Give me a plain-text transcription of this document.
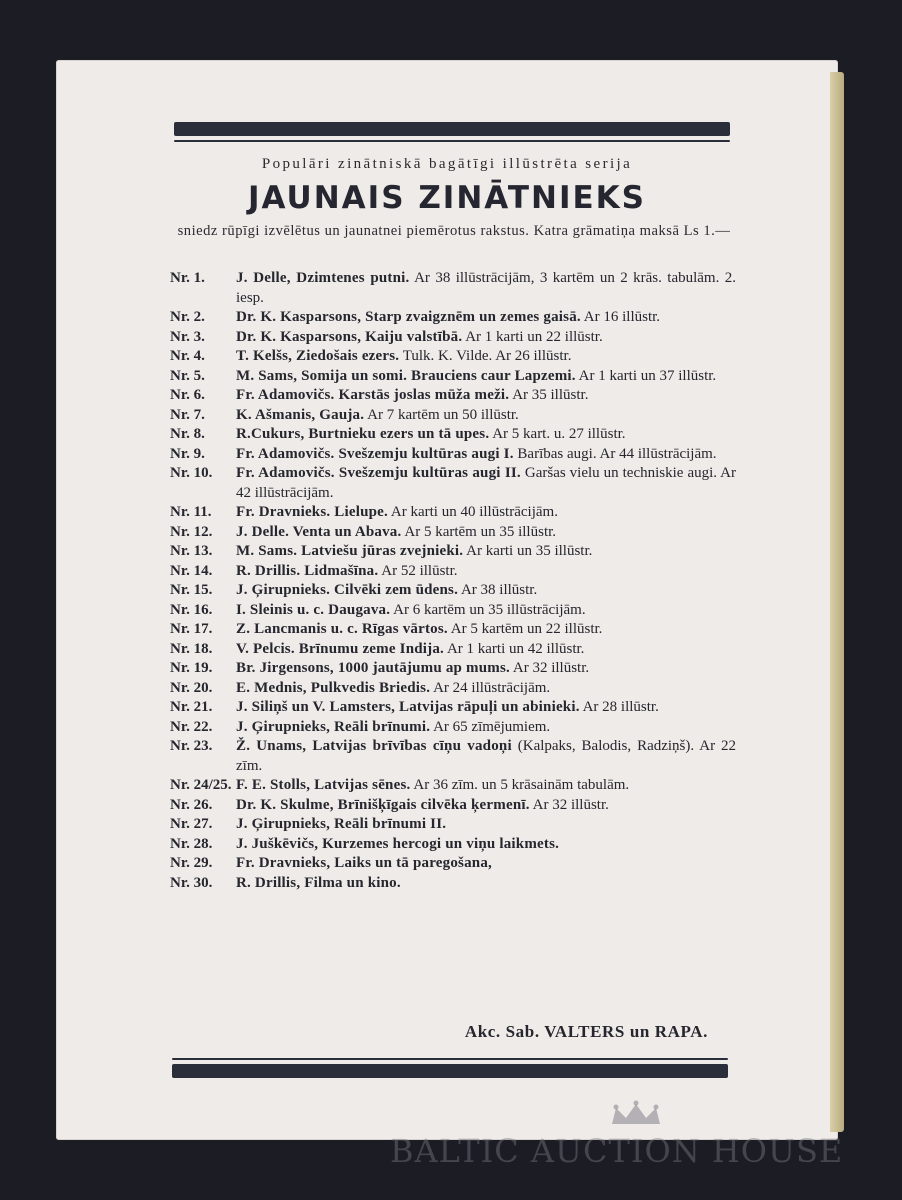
Populāri zinātniskā bagātīgi illūstrēta serija
JAUNAIS ZINĀTNIEKS
sniedz rūpīgi izvēlētus un jaunatnei piemērotus rakstus. Katra grāmatiņa maksā Ls 1.—
Nr. 1.	J. Delle, Dzimtenes putni. Ar 38 illūstrācijām, 3 kartēm un 2 krās. tabulām. 2. iesp.
Nr. 2.	Dr. K. Kasparsons, Starp zvaigznēm un zemes gaisā. Ar 16 illūstr.
Nr. 3.	Dr. K. Kasparsons, Kaiju valstībā. Ar 1 karti un 22 illūstr.
Nr. 4.	T. Kelšs, Ziedošais ezers. Tulk. K. Vilde. Ar 26 illūstr.
Nr. 5.	M. Sams, Somija un somi. Brauciens caur Lapzemi. Ar 1 karti un 37 illūstr.
Nr. 6.	Fr. Adamovičs. Karstās joslas mūža meži. Ar 35 illūstr.
Nr. 7.	K. Ašmanis, Gauja. Ar 7 kartēm un 50 illūstr.
Nr. 8.	R.Cukurs, Burtnieku ezers un tā upes. Ar 5 kart. u. 27 illūstr.
Nr. 9.	Fr. Adamovičs. Svešzemju kultūras augi I. Barības augi. Ar 44 illūstrācijām.
Nr. 10.	Fr. Adamovičs. Svešzemju kultūras augi II. Garšas vielu un techniskie augi. Ar 42 illūstrācijām.
Nr. 11.	Fr. Dravnieks. Lielupe. Ar karti un 40 illūstrācijām.
Nr. 12.	J. Delle. Venta un Abava. Ar 5 kartēm un 35 illūstr.
Nr. 13.	M. Sams. Latviešu jūras zvejnieki. Ar karti un 35 illūstr.
Nr. 14.	R. Drillis. Lidmašīna. Ar 52 illūstr.
Nr. 15.	J. Ģirupnieks. Cilvēki zem ūdens. Ar 38 illūstr.
Nr. 16.	I. Sleinis u. c. Daugava. Ar 6 kartēm un 35 illūstrācijām.
Nr. 17.	Z. Lancmanis u. c. Rīgas vārtos. Ar 5 kartēm un 22 illūstr.
Nr. 18.	V. Pelcis. Brīnumu zeme Indija. Ar 1 karti un 42 illūstr.
Nr. 19.	Br. Jirgensons, 1000 jautājumu ap mums. Ar 32 illūstr.
Nr. 20.	E. Mednis, Pulkvedis Briedis. Ar 24 illūstrācijām.
Nr. 21.	J. Siliņš un V. Lamsters, Latvijas rāpuļi un abinieki. Ar 28 illūstr.
Nr. 22.	J. Ģirupnieks, Reāli brīnumi. Ar 65 zīmējumiem.
Nr. 23.	Ž. Unams, Latvijas brīvības cīņu vadoņi (Kalpaks, Balodis, Radziņš). Ar 22 zīm.
Nr. 24/25. F. E. Stolls, Latvijas sēnes. Ar 36 zīm. un 5 krāsainām tabulām.
Nr. 26.	Dr. K. Skulme, Brīnišķīgais cilvēka ķermenī. Ar 32 illūstr.
Nr. 27.	J. Ģirupnieks, Reāli brīnumi II.
Nr. 28.	J. Juškēvičs, Kurzemes hercogi un viņu laikmets.
Nr. 29.	Fr. Dravnieks, Laiks un tā paregošana,
Nr. 30.	R. Drillis, Filma un kino.
Akc. Sab. VALTERS un RAPA.
BALTIC AUCTION HOUSE
